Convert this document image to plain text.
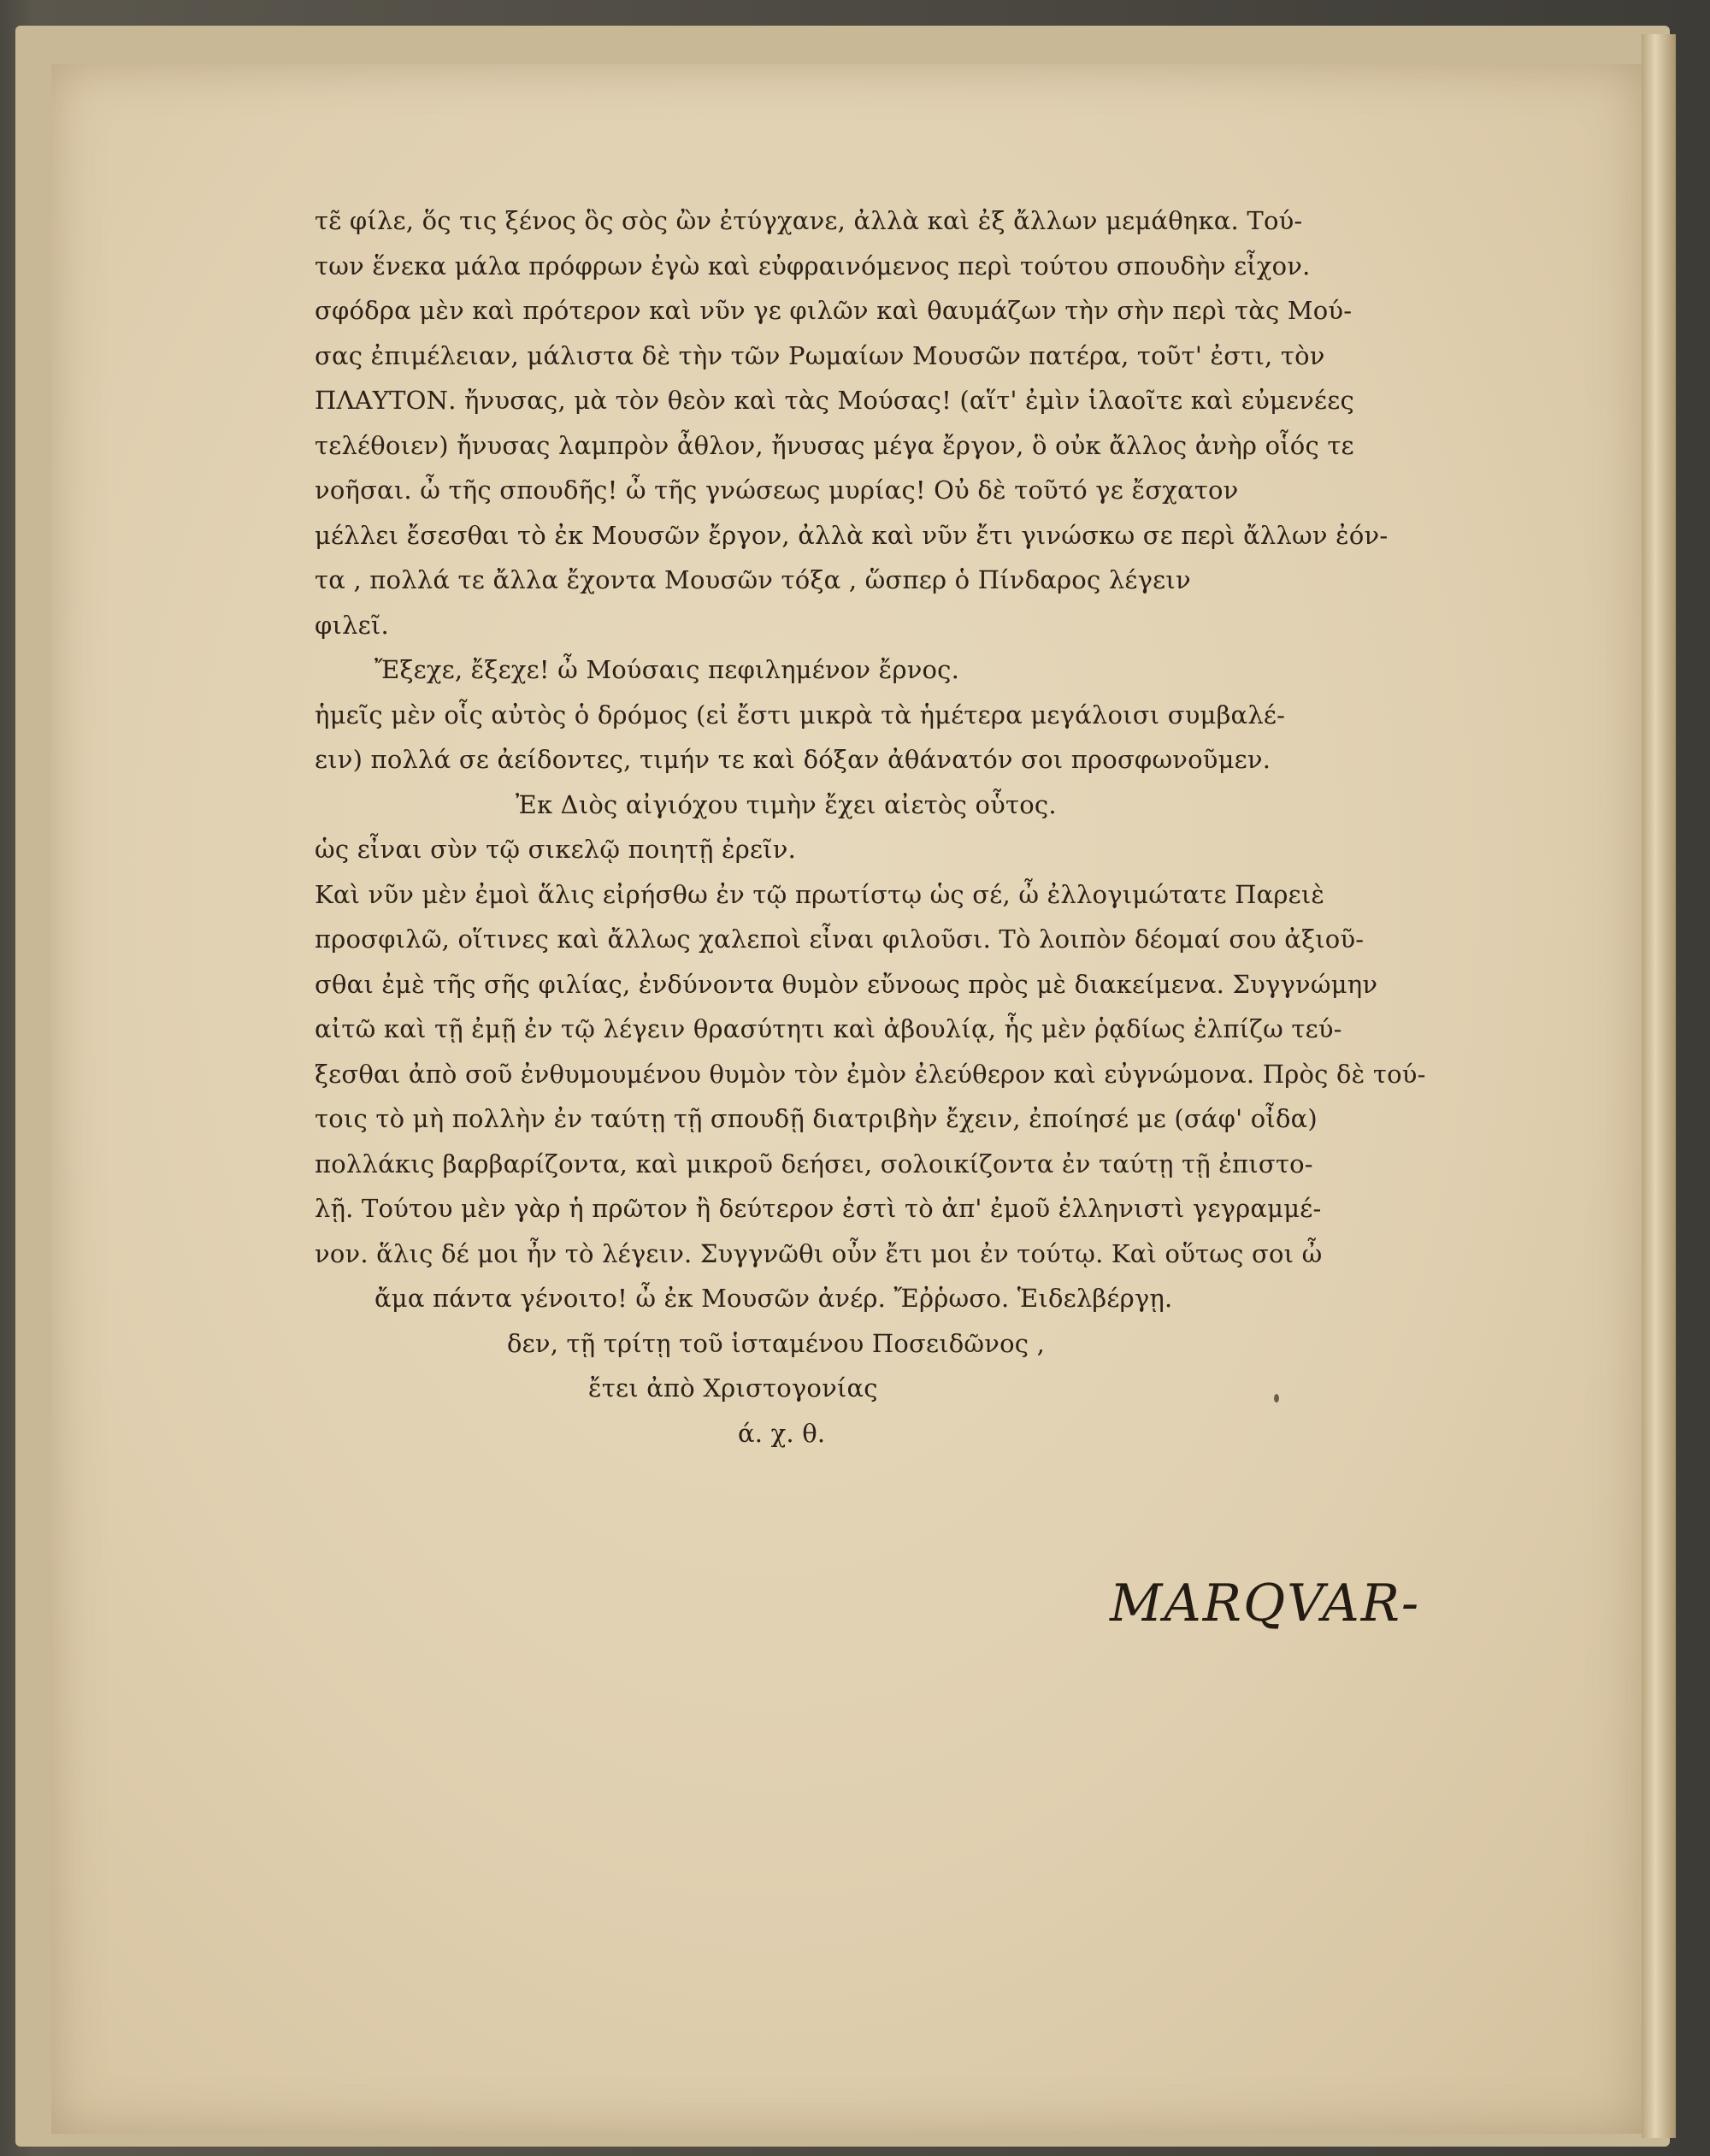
τε̃ φίλε, ὅς τις ξένος ὃς σὸς ὢν ἐτύγχανε, ἀλλὰ καὶ ἐξ ἄλλων μεμάθηκα. Τού-
των ἕνεκα μάλα πρόφρων ἐγὼ καὶ εὐφραινόμενος περὶ τούτου σπουδὴν εἶχον.
σφόδρα μὲν καὶ πρότερον καὶ νῦν γε φιλῶν καὶ θαυμάζων τὴν σὴν περὶ τὰς Μού-
σας ἐπιμέλειαν, μάλιστα δὲ τὴν τῶν Ρωμαίων Μουσῶν πατέρα, τοῦτ' ἐστι, τὸν
ΠΛΑΥΤΟΝ. ἤνυσας, μὰ τὸν θεὸν καὶ τὰς Μούσας! (αἵτ' ἐμὶν ἱλαοῖτε καὶ εὐμενέες
τελέθοιεν) ἤνυσας λαμπρὸν ἆθλον, ἤνυσας μέγα ἔργον, ὃ οὐκ ἄλλος ἀνὴρ οἷός τε
νοῆσαι. ὦ τῆς σπουδῆς! ὦ τῆς γνώσεως μυρίας! Οὐ δὲ τοῦτό γε ἔσχατον
μέλλει ἔσεσθαι τὸ ἐκ Μουσῶν ἔργον, ἀλλὰ καὶ νῦν ἔτι γινώσκω σε περὶ ἄλλων ἐόν-
τα , πολλά τε ἄλλα ἔχοντα Μουσῶν τόξα , ὥσπερ ὁ Πίνδαρος λέγειν
φιλεῖ.
Ἔξεχε, ἔξεχε! ὦ Μούσαις πεφιλημένον ἔρνος.
ἡμεῖς μὲν οἷς αὐτὸς ὁ δρόμος (εἰ ἔστι μικρὰ τὰ ἡμέτερα μεγάλοισι συμβαλέ-
ειν) πολλά σε ἀείδοντες, τιμήν τε καὶ δόξαν ἀθάνατόν σοι προσφωνοῦμεν.
Ἐκ Διὸς αἰγιόχου τιμὴν ἔχει αἰετὸς οὗτος.
ὡς εἶναι σὺν τῷ σικελῷ ποιητῇ ἐρεῖν.
Καὶ νῦν μὲν ἐμοὶ ἅλις εἰρήσθω ἐν τῷ πρωτίστῳ ὡς σέ, ὦ ἐλλογιμώτατε Παρειὲ
προσφιλῶ, οἵτινες καὶ ἄλλως χαλεποὶ εἶναι φιλοῦσι. Τὸ λοιπὸν δέομαί σου ἀξιοῦ-
σθαι ἐμὲ τῆς σῆς φιλίας, ἐνδύνοντα θυμὸν εὔνοως πρὸς μὲ διακείμενα. Συγγνώμην
αἰτῶ καὶ τῇ ἐμῇ ἐν τῷ λέγειν θρασύτητι καὶ ἀβουλίᾳ, ἧς μὲν ῥᾳδίως ἐλπίζω τεύ-
ξεσθαι ἀπὸ σοῦ ἐνθυμουμένου θυμὸν τὸν ἐμὸν ἐλεύθερον καὶ εὐγνώμονα. Πρὸς δὲ τού-
τοις τὸ μὴ πολλὴν ἐν ταύτῃ τῇ σπουδῇ διατριβὴν ἔχειν, ἐποίησέ με (σάφ' οἶδα)
πολλάκις βαρβαρίζοντα, καὶ μικροῦ δεήσει, σολοικίζοντα ἐν ταύτῃ τῇ ἐπιστο-
λῇ. Τούτου μὲν γὰρ ἡ πρῶτον ἢ δεύτερον ἐστὶ τὸ ἀπ' ἐμοῦ ἑλληνιστὶ γεγραμμέ-
νον. ἅλις δέ μοι ἦν τὸ λέγειν. Συγγνῶθι οὖν ἔτι μοι ἐν τούτῳ. Καὶ οὕτως σοι ὦ
ἄμα πάντα γένοιτο! ὦ ἐκ Μουσῶν ἀνέρ. Ἔῤῥωσο. Ἑιδελβέργῃ.
δεν, τῇ τρίτῃ τοῦ ἱσταμένου Ποσειδῶνος ,
ἔτει ἀπὸ Χριστογονίας
ά. χ. θ.
MARQVAR-
